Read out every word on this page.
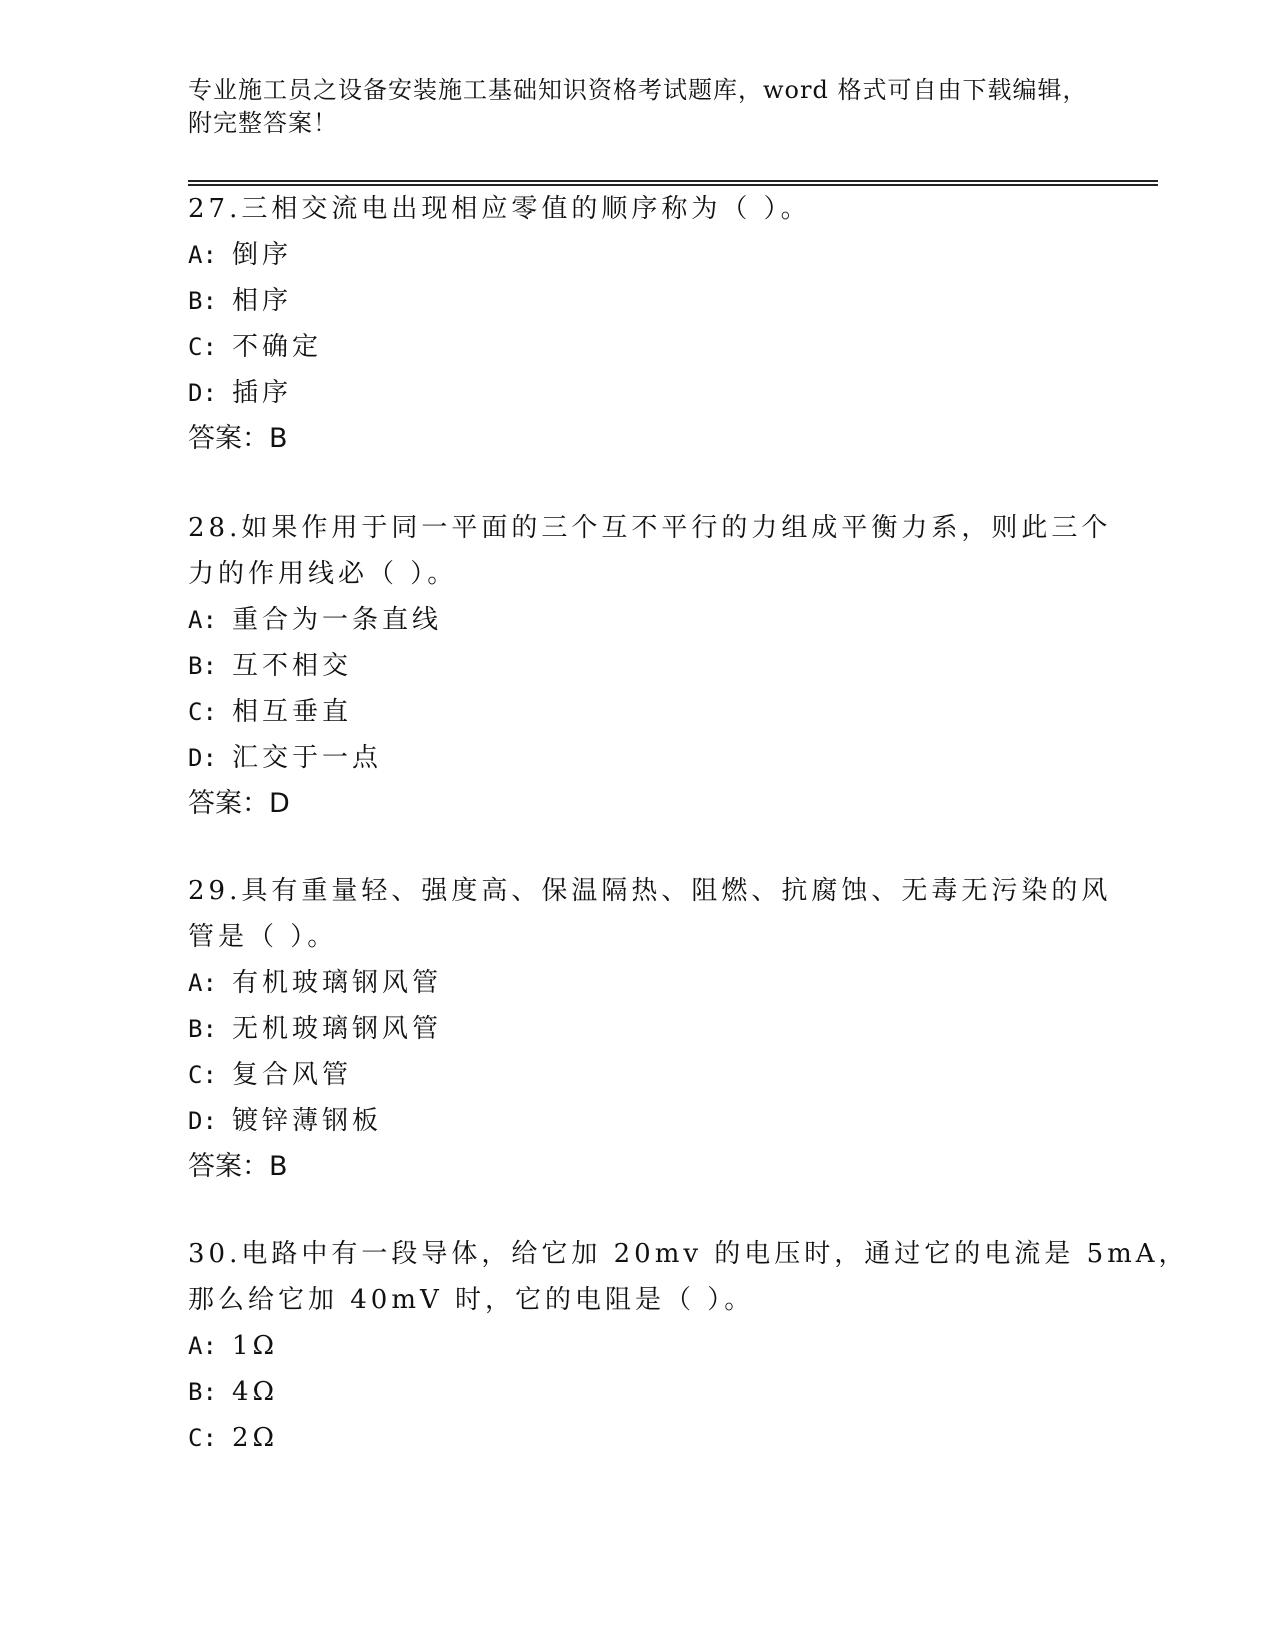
专业施工员之设备安装施工基础知识资格考试题库，word 格式可自由下载编辑，
附完整答案！
27.三相交流电出现相应零值的顺序称为（ ）。
A: 倒序
B: 相序
C: 不确定
D: 插序
答案：B
28.如果作用于同一平面的三个互不平行的力组成平衡力系，则此三个
力的作用线必（ ）。
A: 重合为一条直线
B: 互不相交
C: 相互垂直
D: 汇交于一点
答案：D
29.具有重量轻、强度高、保温隔热、阻燃、抗腐蚀、无毒无污染的风
管是（ ）。
A: 有机玻璃钢风管
B: 无机玻璃钢风管
C: 复合风管
D: 镀锌薄钢板
答案：B
30.电路中有一段导体，给它加 20mv 的电压时，通过它的电流是 5mA，
那么给它加 40mV 时，它的电阻是（ ）。
A: 1Ω
B: 4Ω
C: 2Ω
